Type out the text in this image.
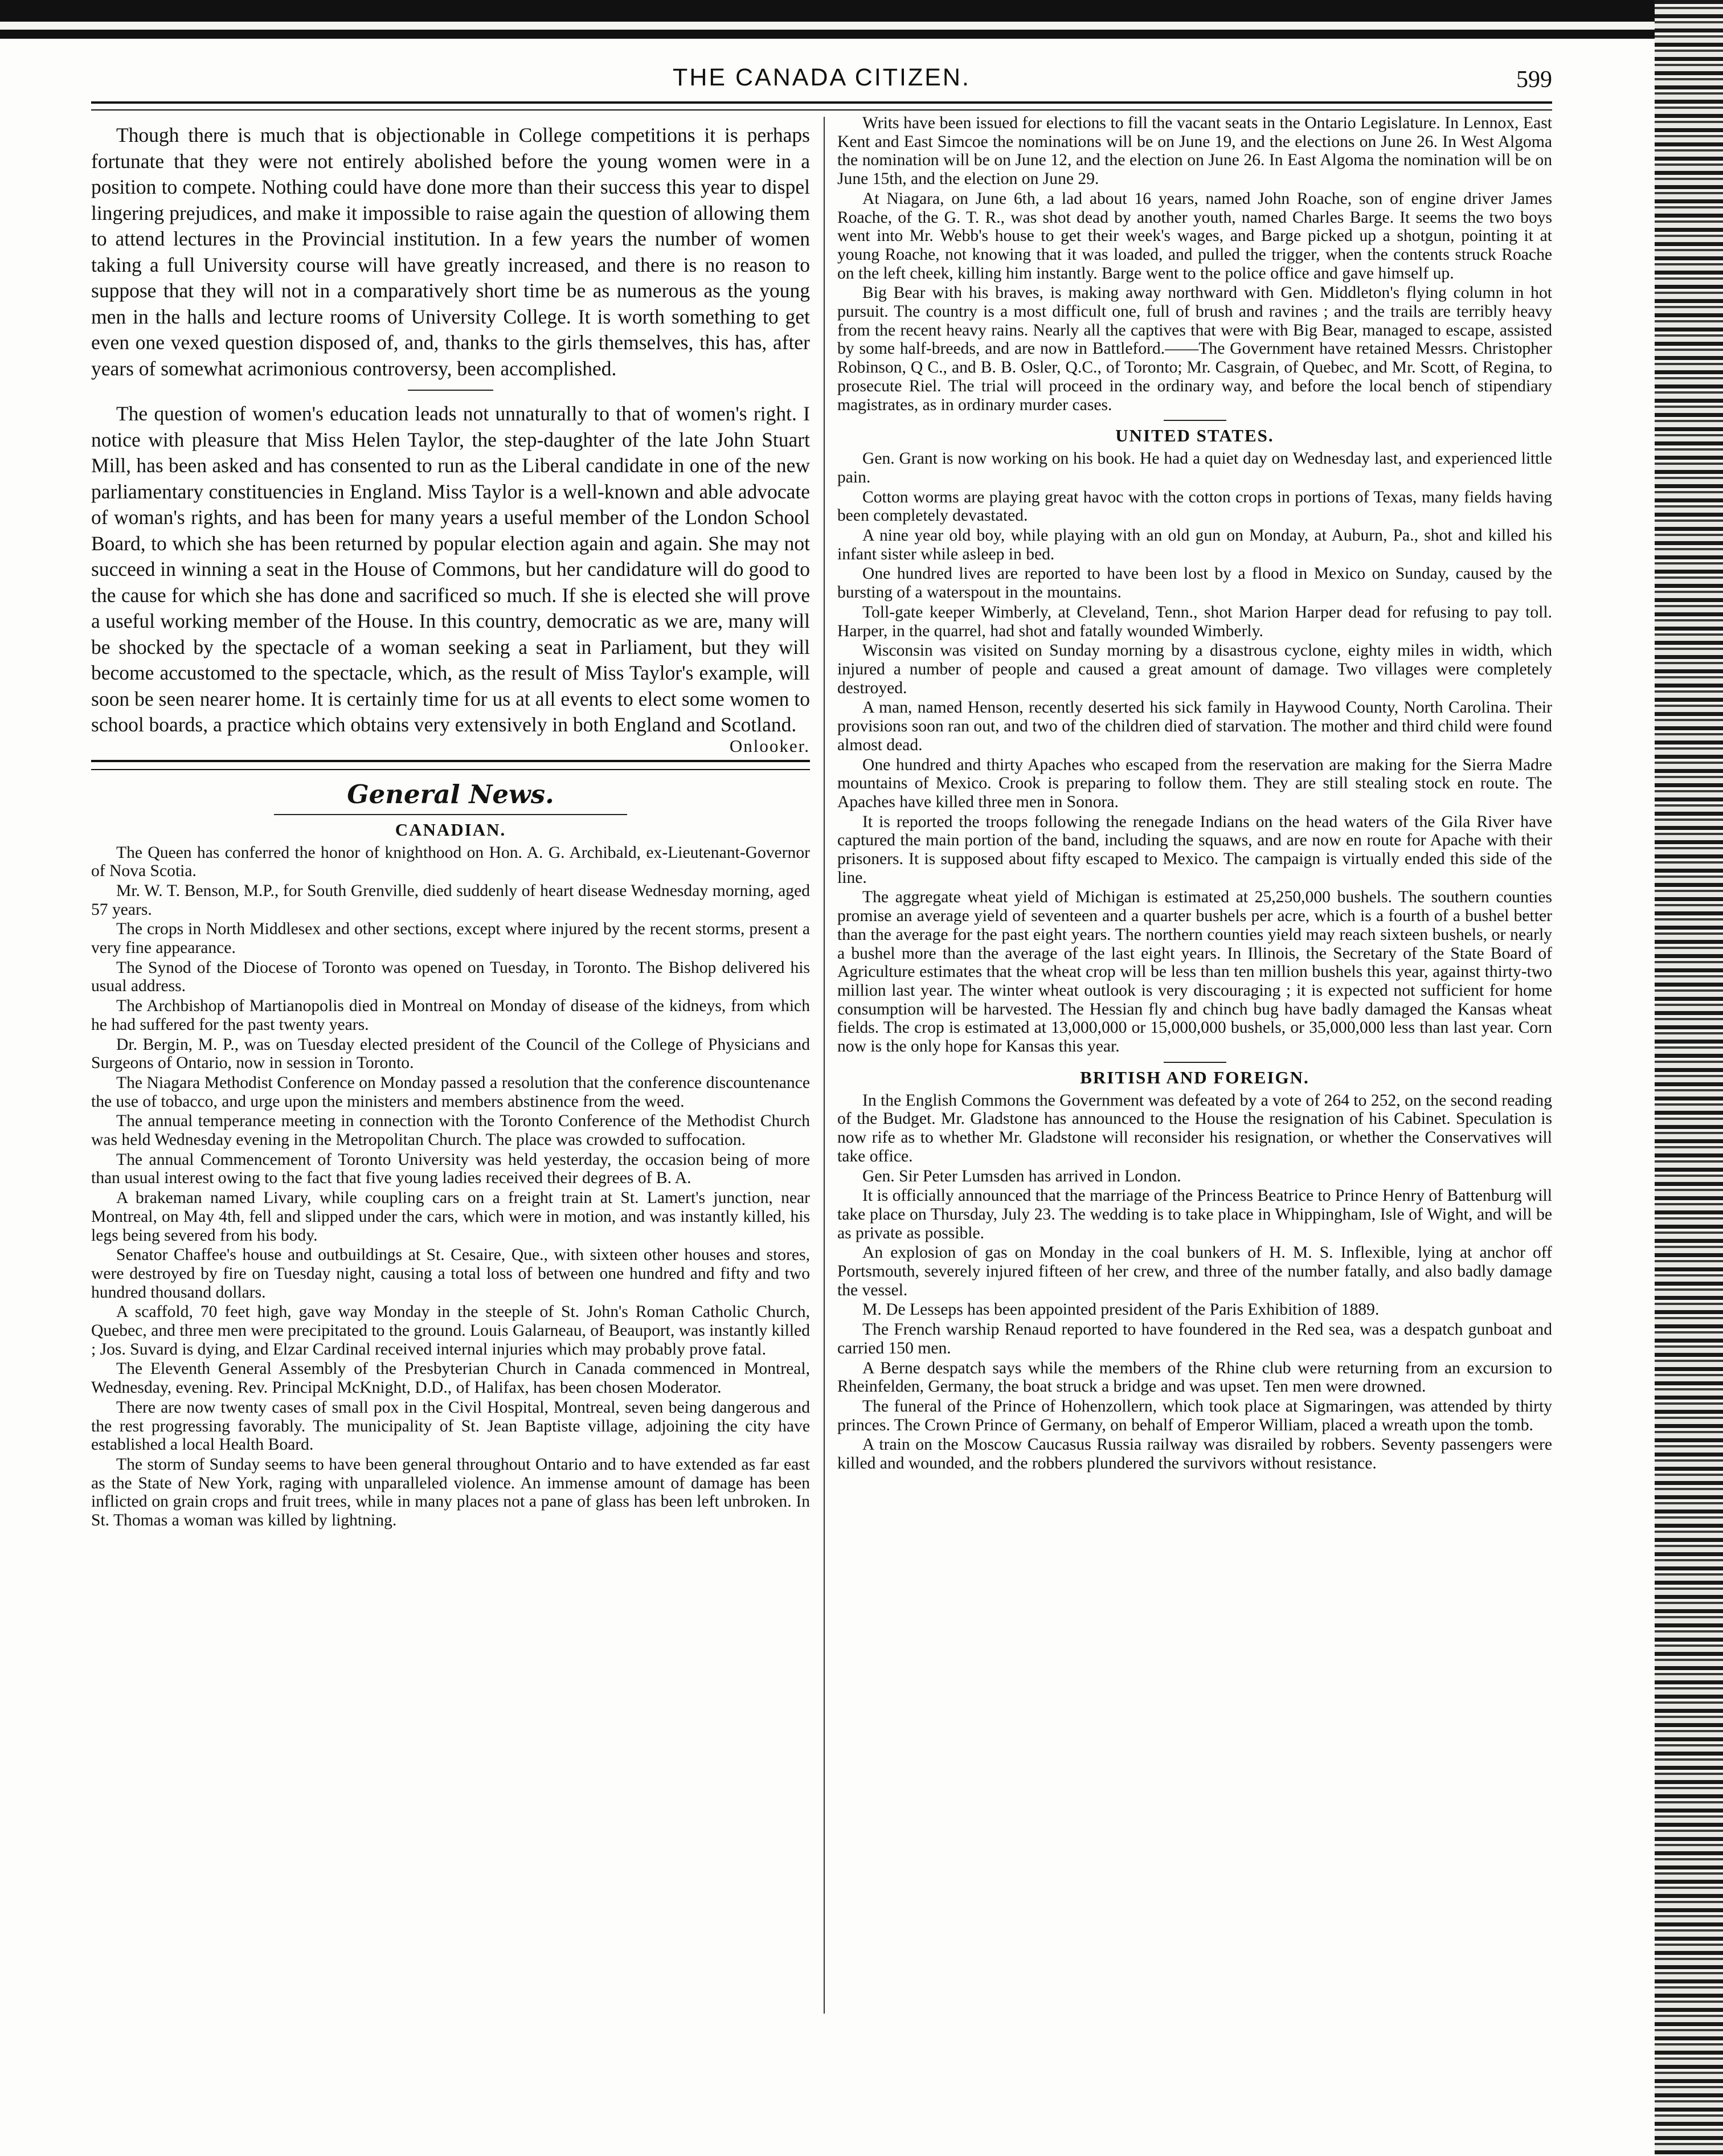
THE CANADA CITIZEN.	599

Though there is much that is objectionable in College competitions it is perhaps fortunate that they were not entirely abolished before the young women were in a position to compete. Nothing could have done more than their success this year to dispel lingering prejudices, and make it impossible to raise again the question of allowing them to attend lectures in the Provincial institution. In a few years the number of women taking a full University course will have greatly increased, and there is no reason to suppose that they will not in a comparatively short time be as numerous as the young men in the halls and lecture rooms of University College. It is worth something to get even one vexed question disposed of, and, thanks to the girls themselves, this has, after years of somewhat acrimonious controversy, been accomplished.

The question of women's education leads not unnaturally to that of women's right. I notice with pleasure that Miss Helen Taylor, the step-daughter of the late John Stuart Mill, has been asked and has consented to run as the Liberal candidate in one of the new parliamentary constituencies in England. Miss Taylor is a well-known and able advocate of woman's rights, and has been for many years a useful member of the London School Board, to which she has been returned by popular election again and again. She may not succeed in winning a seat in the House of Commons, but her candidature will do good to the cause for which she has done and sacrificed so much. If she is elected she will prove a useful working member of the House. In this country, democratic as we are, many will be shocked by the spectacle of a woman seeking a seat in Parliament, but they will become accustomed to the spectacle, which, as the result of Miss Taylor's example, will soon be seen nearer home. It is certainly time for us at all events to elect some women to school boards, a practice which obtains very extensively in both England and Scotland.

Onlooker.
General News.
CANADIAN.

The Queen has conferred the honor of knighthood on Hon. A. G. Archibald, ex-Lieutenant-Governor of Nova Scotia.

Mr. W. T. Benson, M.P., for South Grenville, died suddenly of heart disease Wednesday morning, aged 57 years.

The crops in North Middlesex and other sections, except where injured by the recent storms, present a very fine appearance.

The Synod of the Diocese of Toronto was opened on Tuesday, in Toronto. The Bishop delivered his usual address.

The Archbishop of Martianopolis died in Montreal on Monday of disease of the kidneys, from which he had suffered for the past twenty years.

Dr. Bergin, M. P., was on Tuesday elected president of the Council of the College of Physicians and Surgeons of Ontario, now in session in Toronto.

The Niagara Methodist Conference on Monday passed a resolution that the conference discountenance the use of tobacco, and urge upon the ministers and members abstinence from the weed.

The annual temperance meeting in connection with the Toronto Conference of the Methodist Church was held Wednesday evening in the Metropolitan Church. The place was crowded to suffocation.

The annual Commencement of Toronto University was held yesterday, the occasion being of more than usual interest owing to the fact that five young ladies received their degrees of B. A.

A brakeman named Livary, while coupling cars on a freight train at St. Lamert's junction, near Montreal, on May 4th, fell and slipped under the cars, which were in motion, and was instantly killed, his legs being severed from his body.

Senator Chaffee's house and outbuildings at St. Cesaire, Que., with sixteen other houses and stores, were destroyed by fire on Tuesday night, causing a total loss of between one hundred and fifty and two hundred thousand dollars.

A scaffold, 70 feet high, gave way Monday in the steeple of St. John's Roman Catholic Church, Quebec, and three men were precipitated to the ground. Louis Galarneau, of Beauport, was instantly killed ; Jos. Suvard is dying, and Elzar Cardinal received internal injuries which may probably prove fatal.

The Eleventh General Assembly of the Presbyterian Church in Canada commenced in Montreal, Wednesday, evening. Rev. Principal McKnight, D.D., of Halifax, has been chosen Moderator.

There are now twenty cases of small pox in the Civil Hospital, Montreal, seven being dangerous and the rest progressing favorably. The municipality of St. Jean Baptiste village, adjoining the city have established a local Health Board.

The storm of Sunday seems to have been general throughout Ontario and to have extended as far east as the State of New York, raging with unparalleled violence. An immense amount of damage has been inflicted on grain crops and fruit trees, while in many places not a pane of glass has been left unbroken. In St. Thomas a woman was killed by lightning.

Writs have been issued for elections to fill the vacant seats in the Ontario Legislature. In Lennox, East Kent and East Simcoe the nominations will be on June 19, and the elections on June 26. In West Algoma the nomination will be on June 12, and the election on June 26. In East Algoma the nomination will be on June 15th, and the election on June 29.

At Niagara, on June 6th, a lad about 16 years, named John Roache, son of engine driver James Roache, of the G. T. R., was shot dead by another youth, named Charles Barge. It seems the two boys went into Mr. Webb's house to get their week's wages, and Barge picked up a shotgun, pointing it at young Roache, not knowing that it was loaded, and pulled the trigger, when the contents struck Roache on the left cheek, killing him instantly. Barge went to the police office and gave himself up.

Big Bear with his braves, is making away northward with Gen. Middleton's flying column in hot pursuit. The country is a most difficult one, full of brush and ravines ; and the trails are terribly heavy from the recent heavy rains. Nearly all the captives that were with Big Bear, managed to escape, assisted by some half-breeds, and are now in Battleford.——The Government have retained Messrs. Christopher Robinson, Q C., and B. B. Osler, Q.C., of Toronto; Mr. Casgrain, of Quebec, and Mr. Scott, of Regina, to prosecute Riel. The trial will proceed in the ordinary way, and before the local bench of stipendiary magistrates, as in ordinary murder cases.

UNITED STATES.

Gen. Grant is now working on his book. He had a quiet day on Wednesday last, and experienced little pain.

Cotton worms are playing great havoc with the cotton crops in portions of Texas, many fields having been completely devastated.

A nine year old boy, while playing with an old gun on Monday, at Auburn, Pa., shot and killed his infant sister while asleep in bed.

One hundred lives are reported to have been lost by a flood in Mexico on Sunday, caused by the bursting of a waterspout in the mountains.

Toll-gate keeper Wimberly, at Cleveland, Tenn., shot Marion Harper dead for refusing to pay toll. Harper, in the quarrel, had shot and fatally wounded Wimberly.

Wisconsin was visited on Sunday morning by a disastrous cyclone, eighty miles in width, which injured a number of people and caused a great amount of damage. Two villages were completely destroyed.

A man, named Henson, recently deserted his sick family in Haywood County, North Carolina. Their provisions soon ran out, and two of the children died of starvation. The mother and third child were found almost dead.

One hundred and thirty Apaches who escaped from the reservation are making for the Sierra Madre mountains of Mexico. Crook is preparing to follow them. They are still stealing stock en route. The Apaches have killed three men in Sonora.

It is reported the troops following the renegade Indians on the head waters of the Gila River have captured the main portion of the band, including the squaws, and are now en route for Apache with their prisoners. It is supposed about fifty escaped to Mexico. The campaign is virtually ended this side of the line.

The aggregate wheat yield of Michigan is estimated at 25,250,000 bushels. The southern counties promise an average yield of seventeen and a quarter bushels per acre, which is a fourth of a bushel better than the average for the past eight years. The northern counties yield may reach sixteen bushels, or nearly a bushel more than the average of the last eight years. In Illinois, the Secretary of the State Board of Agriculture estimates that the wheat crop will be less than ten million bushels this year, against thirty-two million last year. The winter wheat outlook is very discouraging ; it is expected not sufficient for home consumption will be harvested. The Hessian fly and chinch bug have badly damaged the Kansas wheat fields. The crop is estimated at 13,000,000 or 15,000,000 bushels, or 35,000,000 less than last year. Corn now is the only hope for Kansas this year.

BRITISH AND FOREIGN.

In the English Commons the Government was defeated by a vote of 264 to 252, on the second reading of the Budget. Mr. Gladstone has announced to the House the resignation of his Cabinet. Speculation is now rife as to whether Mr. Gladstone will reconsider his resignation, or whether the Conservatives will take office.

Gen. Sir Peter Lumsden has arrived in London.

It is officially announced that the marriage of the Princess Beatrice to Prince Henry of Battenburg will take place on Thursday, July 23. The wedding is to take place in Whippingham, Isle of Wight, and will be as private as possible.

An explosion of gas on Monday in the coal bunkers of H. M. S. Inflexible, lying at anchor off Portsmouth, severely injured fifteen of her crew, and three of the number fatally, and also badly damage the vessel.

M. De Lesseps has been appointed president of the Paris Exhibition of 1889.

The French warship Renaud reported to have foundered in the Red sea, was a despatch gunboat and carried 150 men.

A Berne despatch says while the members of the Rhine club were returning from an excursion to Rheinfelden, Germany, the boat struck a bridge and was upset. Ten men were drowned.

The funeral of the Prince of Hohenzollern, which took place at Sigmaringen, was attended by thirty princes. The Crown Prince of Germany, on behalf of Emperor William, placed a wreath upon the tomb.

A train on the Moscow Caucasus Russia railway was disrailed by robbers. Seventy passengers were killed and wounded, and the robbers plundered the survivors without resistance.
